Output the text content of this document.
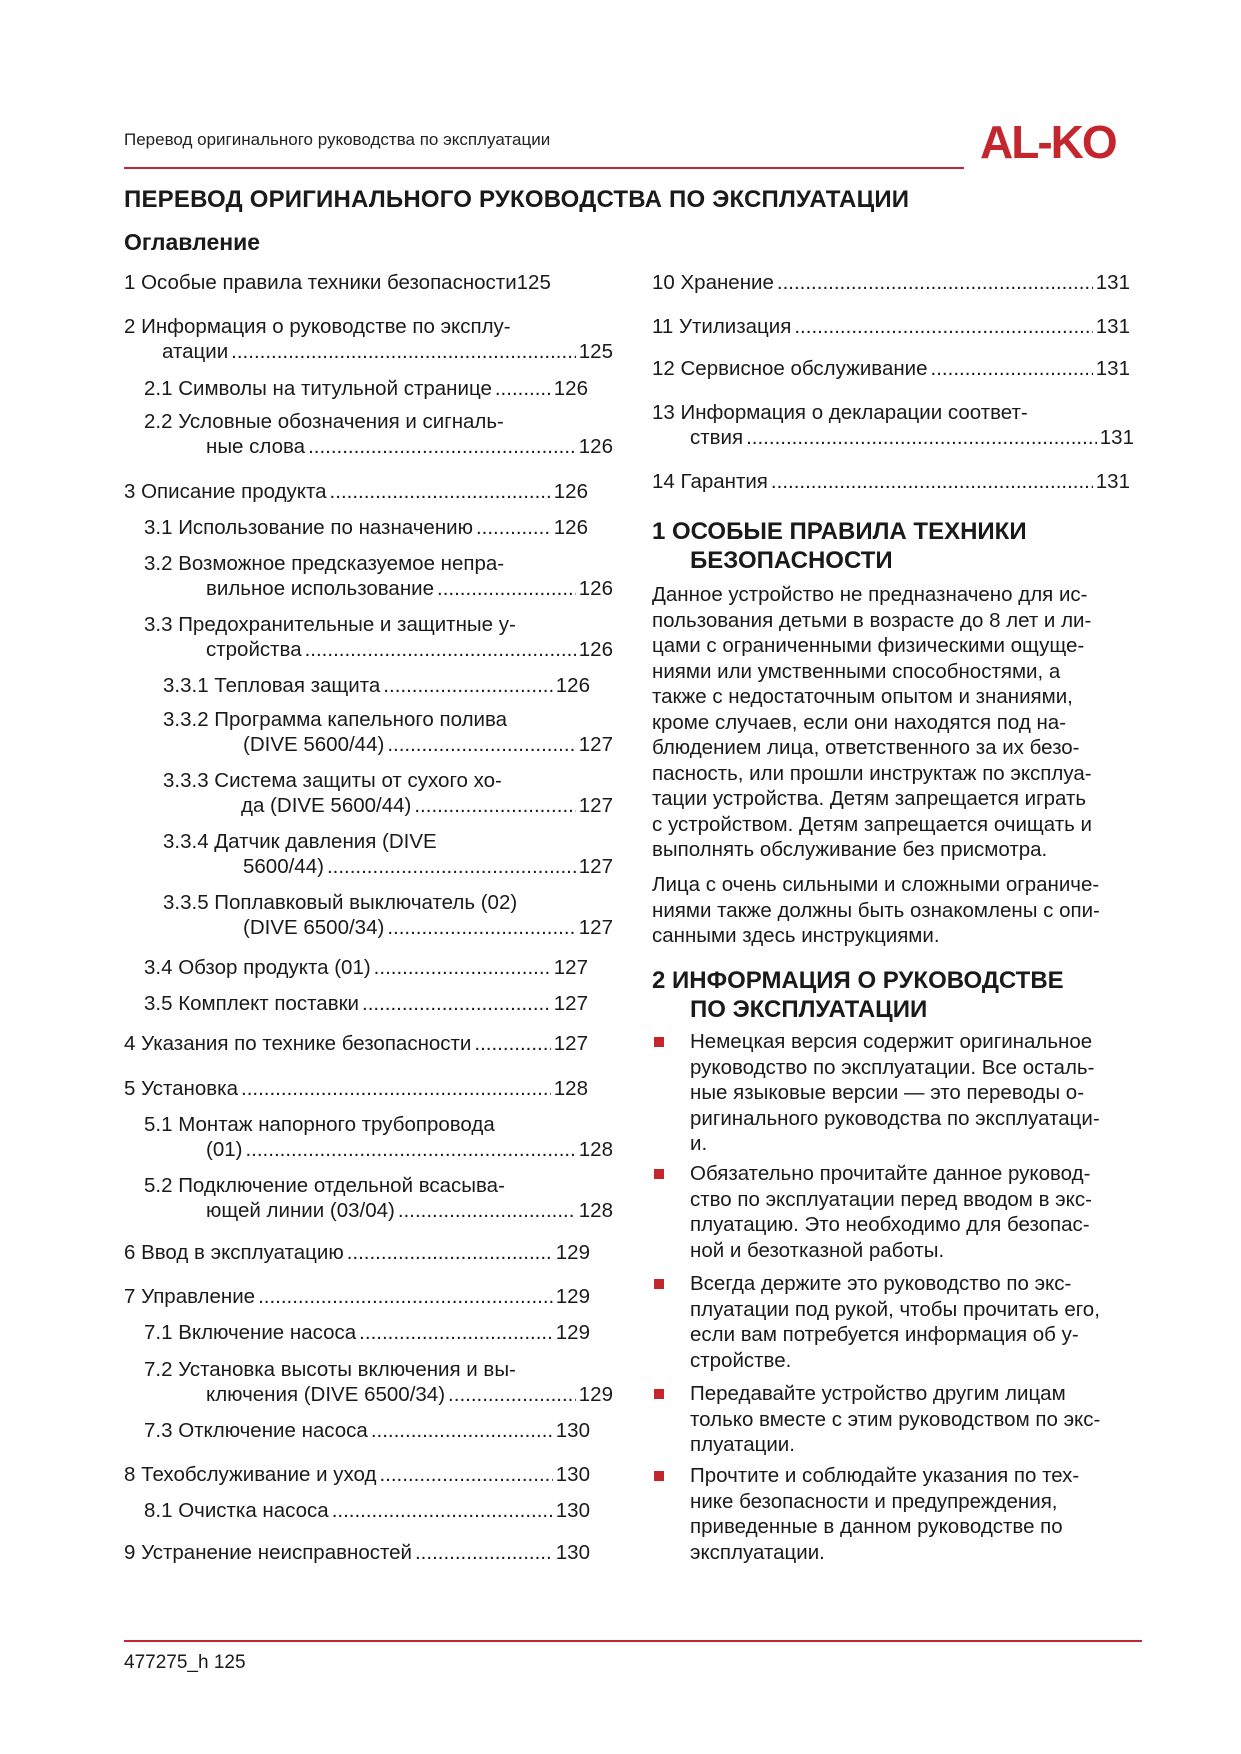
Перевод оригинального руководства по эксплуатации	AL-KO
ПЕРЕВОД ОРИГИНАЛЬНОГО РУКОВОДСТВА ПО ЭКСПЛУАТАЦИИ
Оглавление
1 Особые правила техники безопасности 125
2 Информация о руководстве по эксплу-
атации .....	125
2.1 Символы на титульной странице .....	126
2.2 Условные обозначения и сигналь-
ные слова .....	126
3 Описание продукта .....	126
3.1 Использование по назначению .....	126
3.2 Возможное предсказуемое непра-
вильное использование .....	126
3.3 Предохранительные и защитные у-
стройства .....	126
3.3.1 Тепловая защита .....	126
3.3.2 Программа капельного полива
(DIVE 5600/44) .....	127
3.3.3 Система защиты от сухого хо-
да (DIVE 5600/44) .....	127
3.3.4 Датчик давления (DIVE
5600/44) .....	127
3.3.5 Поплавковый выключатель (02)
(DIVE 6500/34) .....	127
3.4 Обзор продукта (01) .....	127
3.5 Комплект поставки .....	127
4 Указания по технике безопасности .....	127
5 Установка .....	128
5.1 Монтаж напорного трубопровода
(01) .....	128
5.2 Подключение отдельной всасыва-
ющей линии (03/04) .....	128
6 Ввод в эксплуатацию .....	129
7 Управление .....	129
7.1 Включение насоса .....	129
7.2 Установка высоты включения и вы-
ключения (DIVE 6500/34) .....	129
7.3 Отключение насоса .....	130
8 Техобслуживание и уход .....	130
8.1 Очистка насоса .....	130
9 Устранение неисправностей .....	130
10 Хранение .....	131
11 Утилизация .....	131
12 Сервисное обслуживание .....	131
13 Информация о декларации соответ-
ствия .....	131
14 Гарантия .....	131
1 ОСОБЫЕ ПРАВИЛА ТЕХНИКИ
БЕЗОПАСНОСТИ
Данное устройство не предназначено для ис-
пользования детьми в возрасте до 8 лет и ли-
цами с ограниченными физическими ощуще-
ниями или умственными способностями, а
также с недостаточным опытом и знаниями,
кроме случаев, если они находятся под на-
блюдением лица, ответственного за их безо-
пасность, или прошли инструктаж по эксплуа-
тации устройства. Детям запрещается играть
с устройством. Детям запрещается очищать и
выполнять обслуживание без присмотра.
Лица с очень сильными и сложными ограниче-
ниями также должны быть ознакомлены с опи-
санными здесь инструкциями.
2 ИНФОРМАЦИЯ О РУКОВОДСТВЕ
ПО ЭКСПЛУАТАЦИИ
Немецкая версия содержит оригинальное
руководство по эксплуатации. Все осталь-
ные языковые версии — это переводы о-
ригинального руководства по эксплуатаци-
и.
Обязательно прочитайте данное руковод-
ство по эксплуатации перед вводом в экс-
плуатацию. Это необходимо для безопас-
ной и безотказной работы.
Всегда держите это руководство по экс-
плуатации под рукой, чтобы прочитать его,
если вам потребуется информация об у-
стройстве.
Передавайте устройство другим лицам
только вместе с этим руководством по экс-
плуатации.
Прочтите и соблюдайте указания по тех-
нике безопасности и предупреждения,
приведенные в данном руководстве по
эксплуатации.
477275_h 125
